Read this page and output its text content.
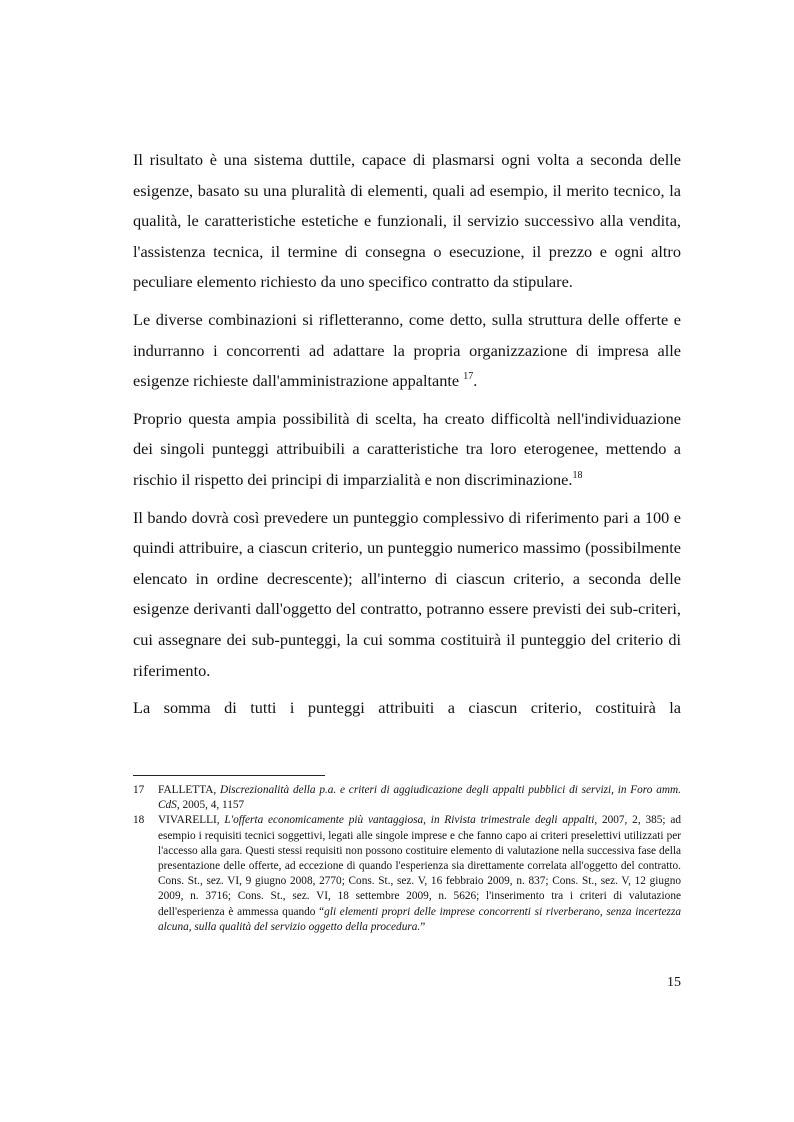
Il risultato è una sistema duttile, capace di plasmarsi ogni volta a seconda delle esigenze, basato su una pluralità di elementi, quali ad esempio, il merito tecnico, la qualità, le caratteristiche estetiche e funzionali, il servizio successivo alla vendita, l'assistenza tecnica, il termine di consegna o esecuzione, il prezzo e ogni altro peculiare elemento richiesto da uno specifico contratto da stipulare.

Le diverse combinazioni si rifletteranno, come detto, sulla struttura delle offerte e indurranno i concorrenti ad adattare la propria organizzazione di impresa alle esigenze richieste dall'amministrazione appaltante $^{17}$.

Proprio questa ampia possibilità di scelta, ha creato difficoltà nell'individuazione dei singoli punteggi attribuibili a caratteristiche tra loro eterogenee, mettendo a rischio il rispetto dei principi di imparzialità e non discriminazione.$^{18}$

Il bando dovrà così prevedere un punteggio complessivo di riferimento pari a 100 e quindi attribuire, a ciascun criterio, un punteggio numerico massimo (possibilmente elencato in ordine decrescente); all'interno di ciascun criterio, a seconda delle esigenze derivanti dall'oggetto del contratto, potranno essere previsti dei sub-criteri, cui assegnare dei sub-punteggi, la cui somma costituirà il punteggio del criterio di riferimento.

La somma di tutti i punteggi attribuiti a ciascun criterio, costituirà la

17 FALLETTA, Discrezionalità della p.a. e criteri di aggiudicazione degli appalti pubblici di servizi, in Foro amm. CdS, 2005, 4, 1157
18 VIVARELLI, L'offerta economicamente più vantaggiosa, in Rivista trimestrale degli appalti, 2007, 2, 385; ad esempio i requisiti tecnici soggettivi, legati alle singole imprese e che fanno capo ai criteri preselettivi utilizzati per l'accesso alla gara. Questi stessi requisiti non possono costituire elemento di valutazione nella successiva fase della presentazione delle offerte, ad eccezione di quando l'esperienza sia direttamente correlata all'oggetto del contratto. Cons. St., sez. VI, 9 giugno 2008, 2770; Cons. St., sez. V, 16 febbraio 2009, n. 837; Cons. St., sez. V, 12 giugno 2009, n. 3716; Cons. St., sez. VI, 18 settembre 2009, n. 5626; l'inserimento tra i criteri di valutazione dell'esperienza è ammessa quando “gli elementi propri delle imprese concorrenti si riverberano, senza incertezza alcuna, sulla qualità del servizio oggetto della procedura.”
15
